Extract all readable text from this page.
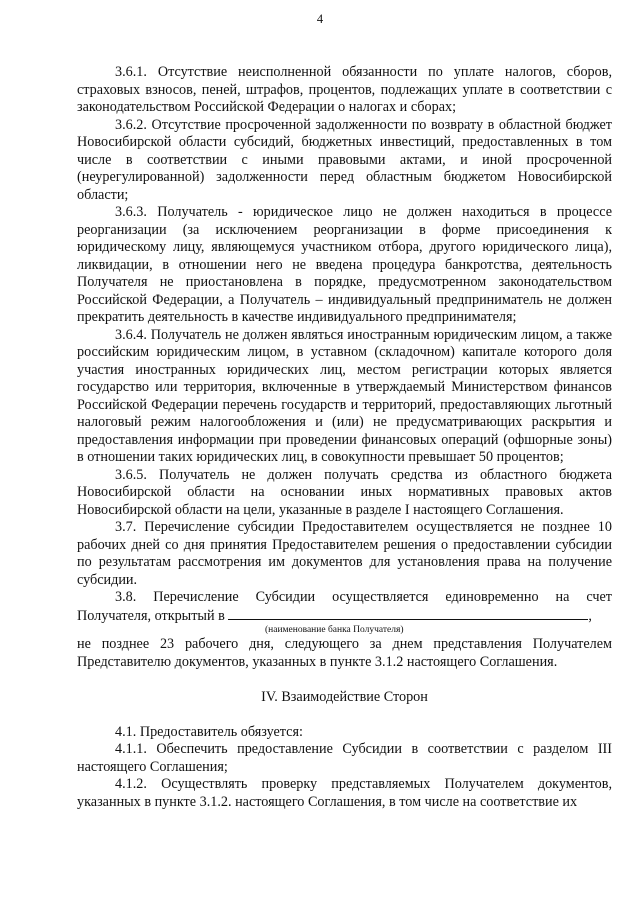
4

3.6.1. Отсутствие неисполненной обязанности по уплате налогов, сборов, страховых взносов, пеней, штрафов, процентов, подлежащих уплате в соответствии с законодательством Российской Федерации о налогах и сборах;

3.6.2. Отсутствие просроченной задолженности по возврату в областной бюджет Новосибирской области субсидий, бюджетных инвестиций, предоставленных в том числе в соответствии с иными правовыми актами, и иной просроченной (неурегулированной) задолженности перед областным бюджетом Новосибирской области;

3.6.3. Получатель - юридическое лицо не должен находиться в процессе реорганизации (за исключением реорганизации в форме присоединения к юридическому лицу, являющемуся участником отбора, другого юридического лица), ликвидации, в отношении него не введена процедура банкротства, деятельность Получателя не приостановлена в порядке, предусмотренном законодательством Российской Федерации, а Получатель – индивидуальный предприниматель не должен прекратить деятельность в качестве индивидуального предпринимателя;

3.6.4. Получатель не должен являться иностранным юридическим лицом, а также российским юридическим лицом, в уставном (складочном) капитале которого доля участия иностранных юридических лиц, местом регистрации которых является государство или территория, включенные в утверждаемый Министерством финансов Российской Федерации перечень государств и территорий, предоставляющих льготный налоговый режим налогообложения и (или) не предусматривающих раскрытия и предоставления информации при проведении финансовых операций (офшорные зоны) в отношении таких юридических лиц, в совокупности превышает 50 процентов;

3.6.5. Получатель не должен получать средства из областного бюджета Новосибирской области на основании иных нормативных правовых актов Новосибирской области на цели, указанные в разделе I настоящего Соглашения.

3.7. Перечисление субсидии Предоставителем осуществляется не позднее 10 рабочих дней со дня принятия Предоставителем решения о предоставлении субсидии по результатам рассмотрения им документов для установления права на получение субсидии.

3.8. Перечисление Субсидии осуществляется единовременно на счет

Получателя, открытый в	,

(наименование банка Получателя)

не позднее 23 рабочего дня, следующего за днем представления Получателем Представителю документов, указанных в пункте 3.1.2 настоящего Соглашения.

IV. Взаимодействие Сторон

4.1. Предоставитель обязуется:

4.1.1. Обеспечить предоставление Субсидии в соответствии с разделом III настоящего Соглашения;

4.1.2. Осуществлять проверку представляемых Получателем документов, указанных в пункте 3.1.2. настоящего Соглашения, в том числе на соответствие их
